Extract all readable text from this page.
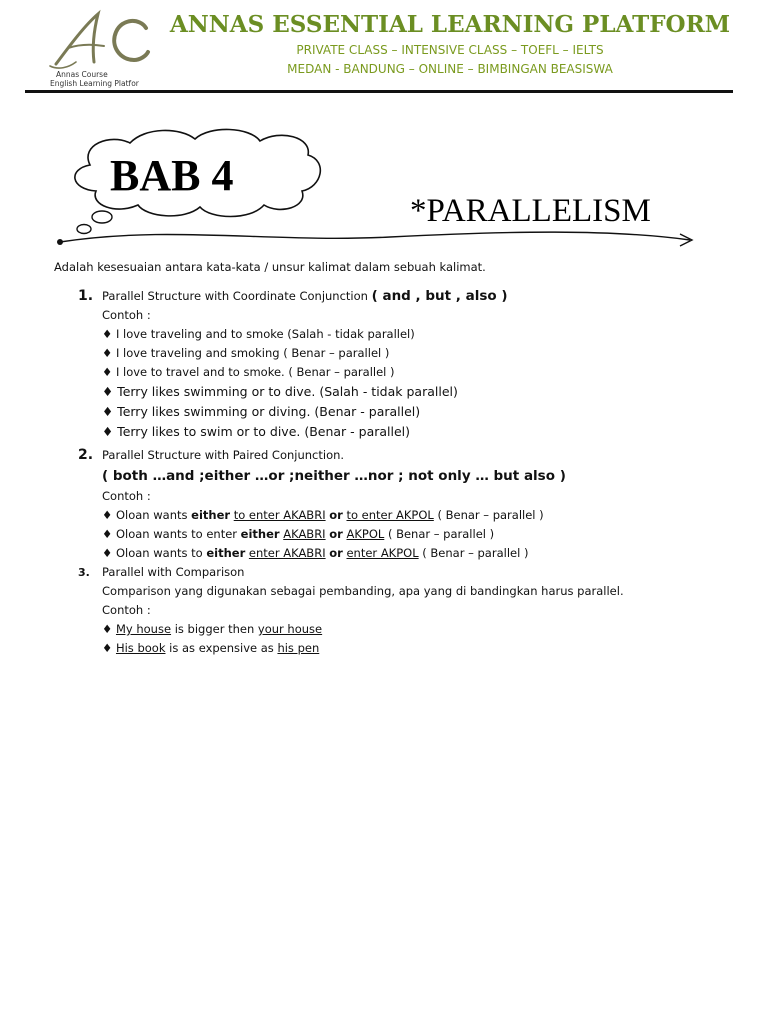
Annas Course
English Learning Platfor
ANNAS ESSENTIAL LEARNING PLATFORM
PRIVATE CLASS – INTENSIVE CLASS – TOEFL – IELTS
MEDAN - BANDUNG – ONLINE – BIMBINGAN BEASISWA
BAB 4
*PARALLELISM
Adalah kesesuaian antara kata-kata / unsur kalimat dalam sebuah kalimat.
1. Parallel Structure with Coordinate Conjunction ( and , but , also )
Contoh :
♦ I love traveling and to smoke (Salah - tidak parallel)
♦ I love traveling and smoking ( Benar – parallel )
♦ I love to travel and to smoke. ( Benar – parallel )
♦ Terry likes swimming or to dive. (Salah - tidak parallel)
♦ Terry likes swimming or diving. (Benar - parallel)
♦ Terry likes to swim or to dive. (Benar - parallel)
2. Parallel Structure with Paired Conjunction.
( both …and ;either …or ;neither …nor ; not only … but also )
Contoh :
♦ Oloan wants either to enter AKABRI or to enter AKPOL ( Benar – parallel )
♦ Oloan wants to enter either AKABRI or AKPOL ( Benar – parallel )
♦ Oloan wants to either enter AKABRI or enter AKPOL ( Benar – parallel )
3. Parallel with Comparison
Comparison yang digunakan sebagai pembanding, apa yang di bandingkan harus parallel.
Contoh :
♦ My house is bigger then your house
♦ His book is as expensive as his pen
